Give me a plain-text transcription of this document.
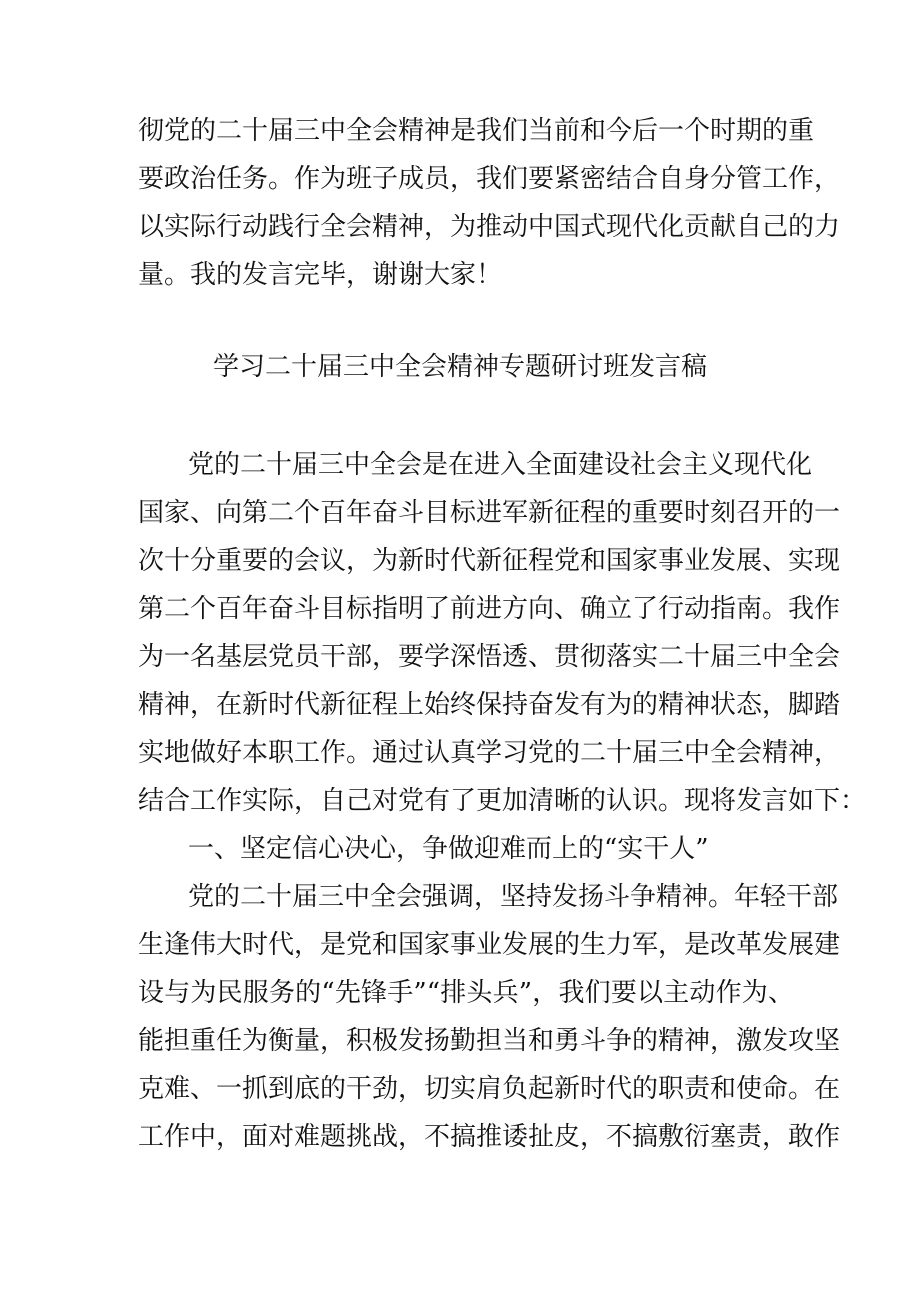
彻党的二十届三中全会精神是我们当前和今后一个时期的重
要政治任务。作为班子成员，我们要紧密结合自身分管工作，
以实际行动践行全会精神，为推动中国式现代化贡献自己的力
量。我的发言完毕，谢谢大家！
学习二十届三中全会精神专题研讨班发言稿
党的二十届三中全会是在进入全面建设社会主义现代化
国家、向第二个百年奋斗目标进军新征程的重要时刻召开的一
次十分重要的会议，为新时代新征程党和国家事业发展、实现
第二个百年奋斗目标指明了前进方向、确立了行动指南。我作
为一名基层党员干部，要学深悟透、贯彻落实二十届三中全会
精神，在新时代新征程上始终保持奋发有为的精神状态，脚踏
实地做好本职工作。通过认真学习党的二十届三中全会精神，
结合工作实际，自己对党有了更加清晰的认识。现将发言如下：
一、坚定信心决心，争做迎难而上的“实干人”
党的二十届三中全会强调，坚持发扬斗争精神。年轻干部
生逢伟大时代，是党和国家事业发展的生力军，是改革发展建
设与为民服务的“先锋手”“排头兵”，我们要以主动作为、
能担重任为衡量，积极发扬勤担当和勇斗争的精神，激发攻坚
克难、一抓到底的干劲，切实肩负起新时代的职责和使命。在
工作中，面对难题挑战，不搞推诿扯皮，不搞敷衍塞责，敢作
